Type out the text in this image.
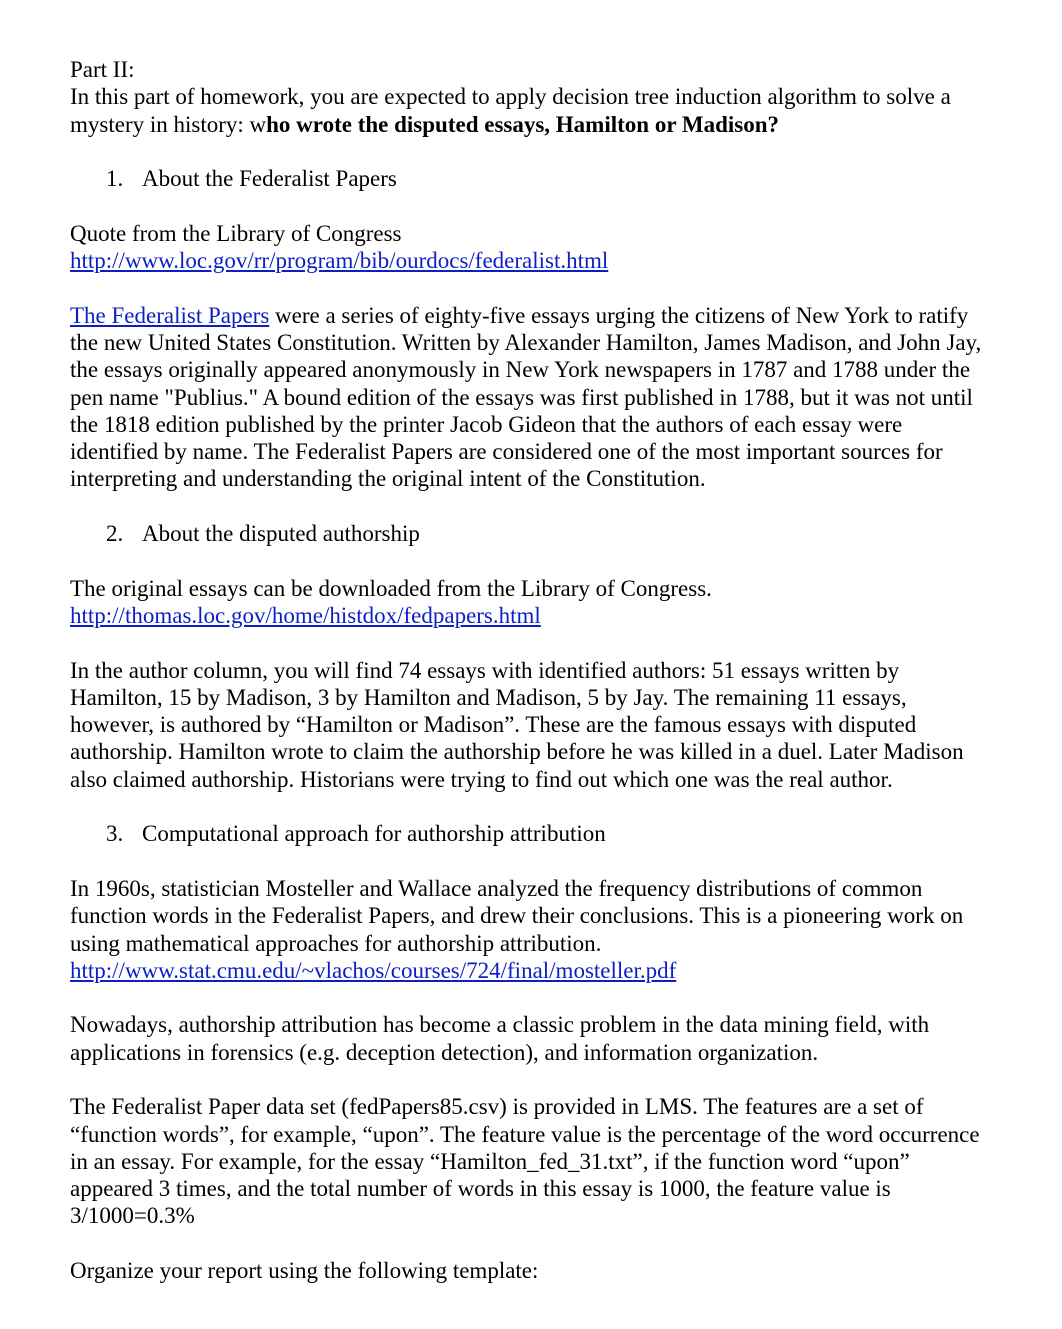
Part II:

In this part of homework, you are expected to apply decision tree induction algorithm to solve a mystery in history: who wrote the disputed essays, Hamilton or Madison?

1. About the Federalist Papers

Quote from the Library of Congress

http://www.loc.gov/rr/program/bib/ourdocs/federalist.html

The Federalist Papers were a series of eighty-five essays urging the citizens of New York to ratify the new United States Constitution. Written by Alexander Hamilton, James Madison, and John Jay, the essays originally appeared anonymously in New York newspapers in 1787 and 1788 under the pen name "Publius." A bound edition of the essays was first published in 1788, but it was not until the 1818 edition published by the printer Jacob Gideon that the authors of each essay were identified by name. The Federalist Papers are considered one of the most important sources for interpreting and understanding the original intent of the Constitution.

2. About the disputed authorship

The original essays can be downloaded from the Library of Congress.

http://thomas.loc.gov/home/histdox/fedpapers.html

In the author column, you will find 74 essays with identified authors: 51 essays written by Hamilton, 15 by Madison, 3 by Hamilton and Madison, 5 by Jay. The remaining 11 essays, however, is authored by “Hamilton or Madison”. These are the famous essays with disputed authorship. Hamilton wrote to claim the authorship before he was killed in a duel. Later Madison also claimed authorship. Historians were trying to find out which one was the real author.

3. Computational approach for authorship attribution

In 1960s, statistician Mosteller and Wallace analyzed the frequency distributions of common function words in the Federalist Papers, and drew their conclusions. This is a pioneering work on using mathematical approaches for authorship attribution.

http://www.stat.cmu.edu/~vlachos/courses/724/final/mosteller.pdf

Nowadays, authorship attribution has become a classic problem in the data mining field, with applications in forensics (e.g. deception detection), and information organization.

The Federalist Paper data set (fedPapers85.csv) is provided in LMS. The features are a set of “function words”, for example, “upon”. The feature value is the percentage of the word occurrence in an essay. For example, for the essay “Hamilton_fed_31.txt”, if the function word “upon” appeared 3 times, and the total number of words in this essay is 1000, the feature value is 3/1000=0.3%

Organize your report using the following template:
